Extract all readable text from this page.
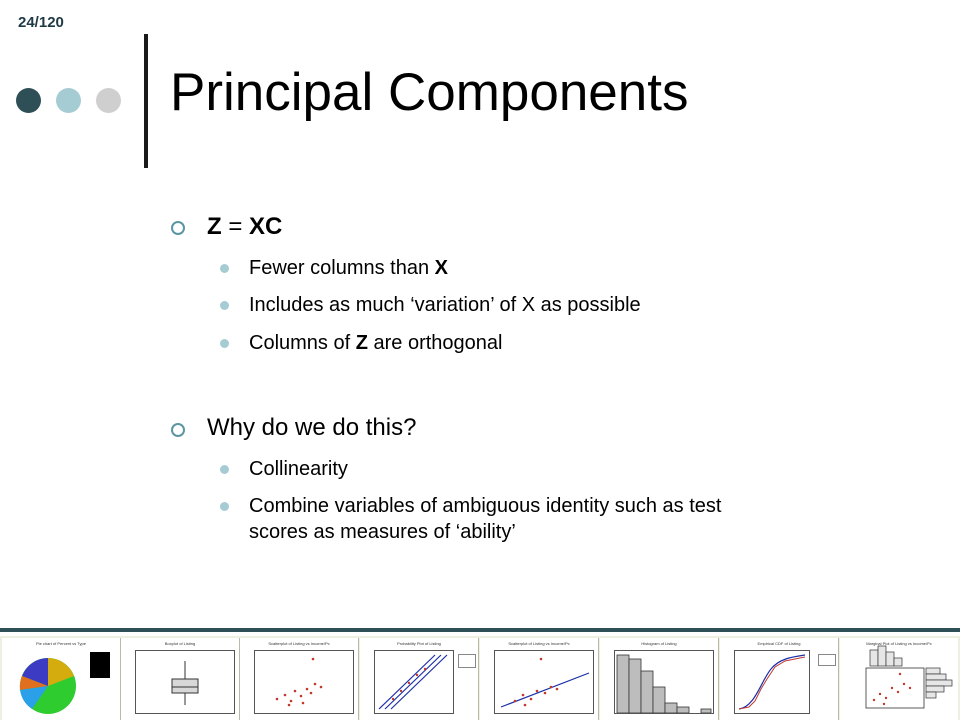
24/120
Principal Components
Z = XC
Fewer columns than X
Includes as much ‘variation’ of X as possible
Columns of Z are orthogonal
Why do we do this?
Collinearity
Combine variables of ambiguous identity such as test
scores as measures of ‘ability’
Pie chart of Percent vs Type	Boxplot of Listing	Scatterplot of Listing vs Income/Pc	Probability Plot of Listing	Scatterplot of Listing vs Income/Pc	Histogram of Listing	Empirical CDF of Listing	Marginal Plot of Listing vs Income/Pc
